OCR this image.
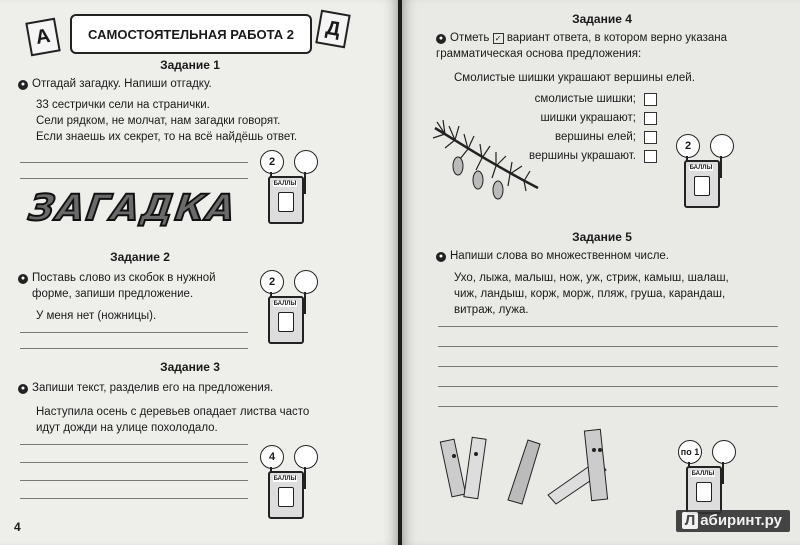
А	САМОСТОЯТЕЛЬНАЯ РАБОТА 2	Д
Задание 1
● Отгадай загадку. Напиши отгадку.
33 сестрички сели на странички.
Сели рядком, не молчат, нам загадки говорят.
Если знаешь их секрет, то на всё найдёшь ответ.
2
БАЛЛЫ
ЗАГАДКА
Задание 2
● Поставь слово из скобок в нужной
форме, запиши предложение.
У меня нет (ножницы).
2
БАЛЛЫ
Задание 3
● Запиши текст, разделив его на предложения.
Наступила осень с деревьев опадает листва часто
идут дожди на улице похолодало.
4
БАЛЛЫ
4
Задание 4
● Отметь ✓ вариант ответа, в котором верно указана
грамматическая основа предложения:
Смолистые шишки украшают вершины елей.
смолистые шишки;
шишки украшают;
вершины елей;
вершины украшают.
2
БАЛЛЫ
Задание 5
● Напиши слова во множественном числе.
Ухо, лыжа, малыш, нож, уж, стриж, камыш, шалаш,
чиж, ландыш, корж, морж, пляж, груша, карандаш,
витраж, лужа.
по 1
БАЛЛЫ
Л абиринт.ру
